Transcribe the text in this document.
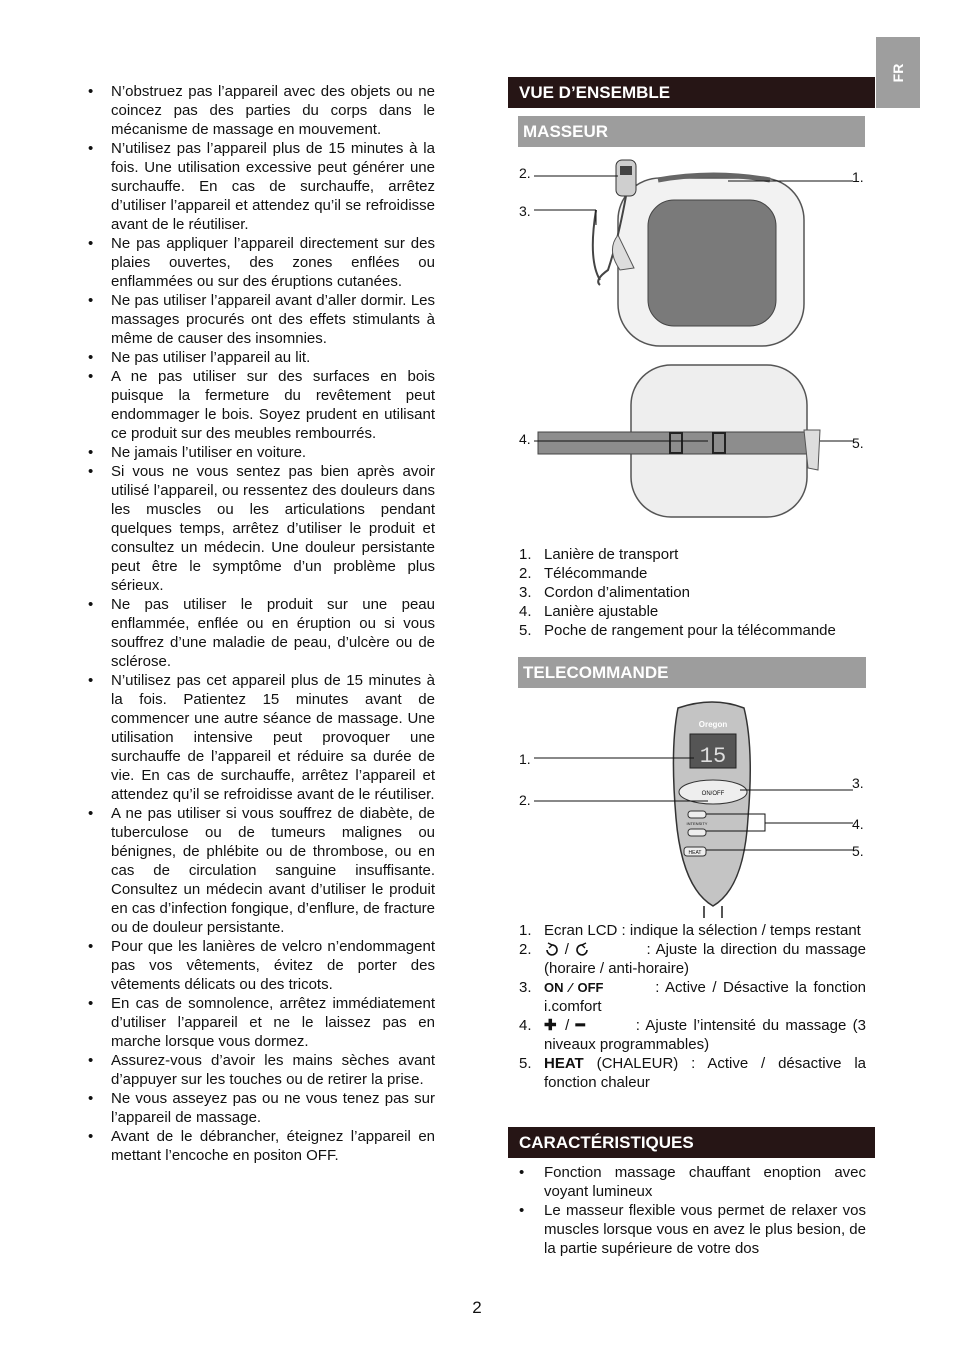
FR
• N’obstruez pas l’appareil avec des objets ou ne coincez pas des parties du corps dans le mécanisme de massage en mouvement.
• N’utilisez pas l’appareil plus de 15 minutes à la fois. Une utilisation excessive peut générer une surchauffe. En cas de surchauffe, arrêtez d’utiliser l’appareil et attendez qu’il se refroidisse avant de le réutiliser.
• Ne pas appliquer l’appareil directement sur des plaies ouvertes, des zones enflées ou enflammées ou sur des éruptions cutanées.
• Ne pas utiliser l’appareil avant d’aller dormir. Les massages procurés ont des effets stimulants à même de causer des insomnies.
• Ne pas utiliser l’appareil au lit.
• A ne pas utiliser sur des surfaces en bois puisque la fermeture du revêtement peut endommager le bois. Soyez prudent en utilisant ce produit sur des meubles rembourrés.
• Ne jamais l’utiliser en voiture.
• Si vous ne vous sentez pas bien après avoir utilisé l’appareil, ou ressentez des douleurs dans les muscles ou les articulations pendant quelques temps, arrêtez d’utiliser le produit et consultez un médecin. Une douleur persistante peut être le symptôme d’un problème plus sérieux.
• Ne pas utiliser le produit sur une peau enflammée, enflée ou en éruption ou si vous souffrez d’une maladie de peau, d’ulcère ou de sclérose.
• N’utilisez pas cet appareil plus de 15 minutes à la fois. Patientez 15 minutes avant de commencer une autre séance de massage. Une utilisation intensive peut provoquer une surchauffe de l’appareil et réduire sa durée de vie. En cas de surchauffe, arrêtez l’appareil et attendez qu’il se refroidisse avant de le réutiliser.
• A ne pas utiliser si vous souffrez de diabète, de tuberculose ou de tumeurs malignes ou bénignes, de phlébite ou de thrombose, ou en cas de circulation sanguine insuffisante. Consultez un médecin avant d’utiliser le produit en cas d’infection fongique, d’enflure, de fracture ou de douleur persistante.
• Pour que les lanières de velcro n’endommagent pas vos vêtements, évitez de porter des vêtements délicats ou des tricots.
• En cas de somnolence, arrêtez immédiatement d’utiliser l’appareil et ne le laissez pas en marche lorsque vous dormez.
• Assurez-vous d’avoir les mains sèches avant d’appuyer sur les touches ou de retirer la prise.
• Ne vous asseyez pas ou ne vous tenez pas sur l’appareil de massage.
• Avant de le débrancher, éteignez l’appareil en mettant l’encoche en positon OFF.
VUE D’ENSEMBLE
MASSEUR
1.
2.
3.
4.	5.
1. Lanière de transport
2. Télécommande
3. Cordon d’alimentation
4. Lanière ajustable
5. Poche de rangement pour la télécommande
TELECOMMANDE
15
Oregon
ON/OFF
INTENSITY
HEAT
1.
2.
3.
4.
5.
1. Ecran LCD : indique la sélection / temps restant
2. /	: Ajuste la direction du massage (horaire / anti-horaire)
3. ON ⁄ OFF	: Active / Désactive la fonction i.comfort
4. ✚ / ━	: Ajuste l’intensité du massage (3 niveaux programmables)
5. HEAT (CHALEUR) : Active / désactive la fonction chaleur
CARACTÉRISTIQUES
• Fonction massage chauffant enoption avec voyant lumineux
• Le masseur flexible vous permet de relaxer vos muscles lorsque vous en avez le plus besion, de la partie supérieure de votre dos
2
